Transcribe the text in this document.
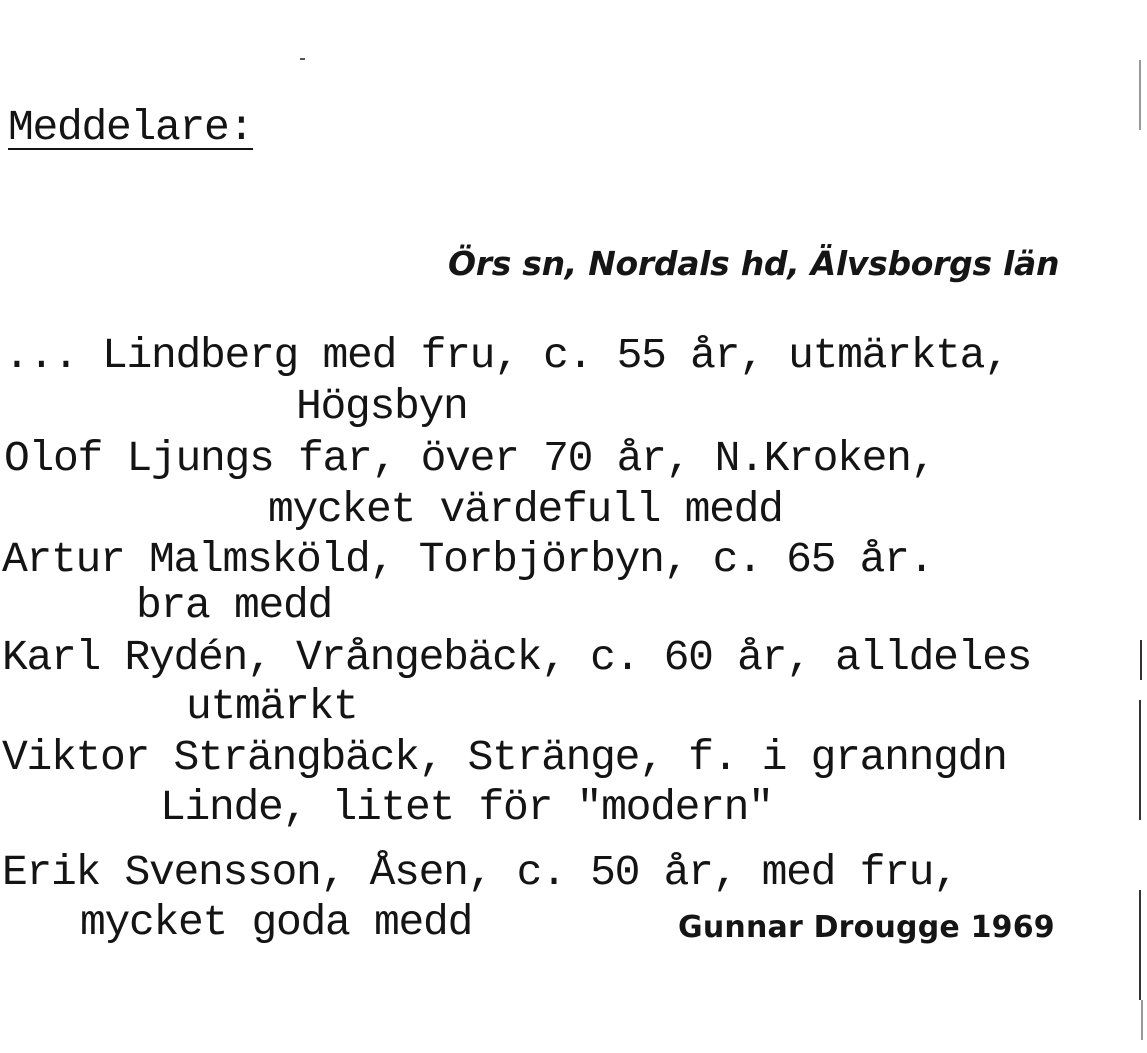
Meddelare:
Örs sn, Nordals hd, Älvsborgs län
... Lindberg med fru, c. 55 år, utmärkta,
Högsbyn
Olof Ljungs far, över 70 år, N.Kroken,
mycket värdefull medd
Artur Malmsköld, Torbjörbyn, c. 65 år.
bra medd
Karl Rydén, Vrångebäck, c. 60 år, alldeles
utmärkt
Viktor Strängbäck, Stränge, f. i granngdn
Linde, litet för "modern"
Erik Svensson, Åsen, c. 50 år, med fru,
mycket goda medd	Gunnar Drougge 1969
